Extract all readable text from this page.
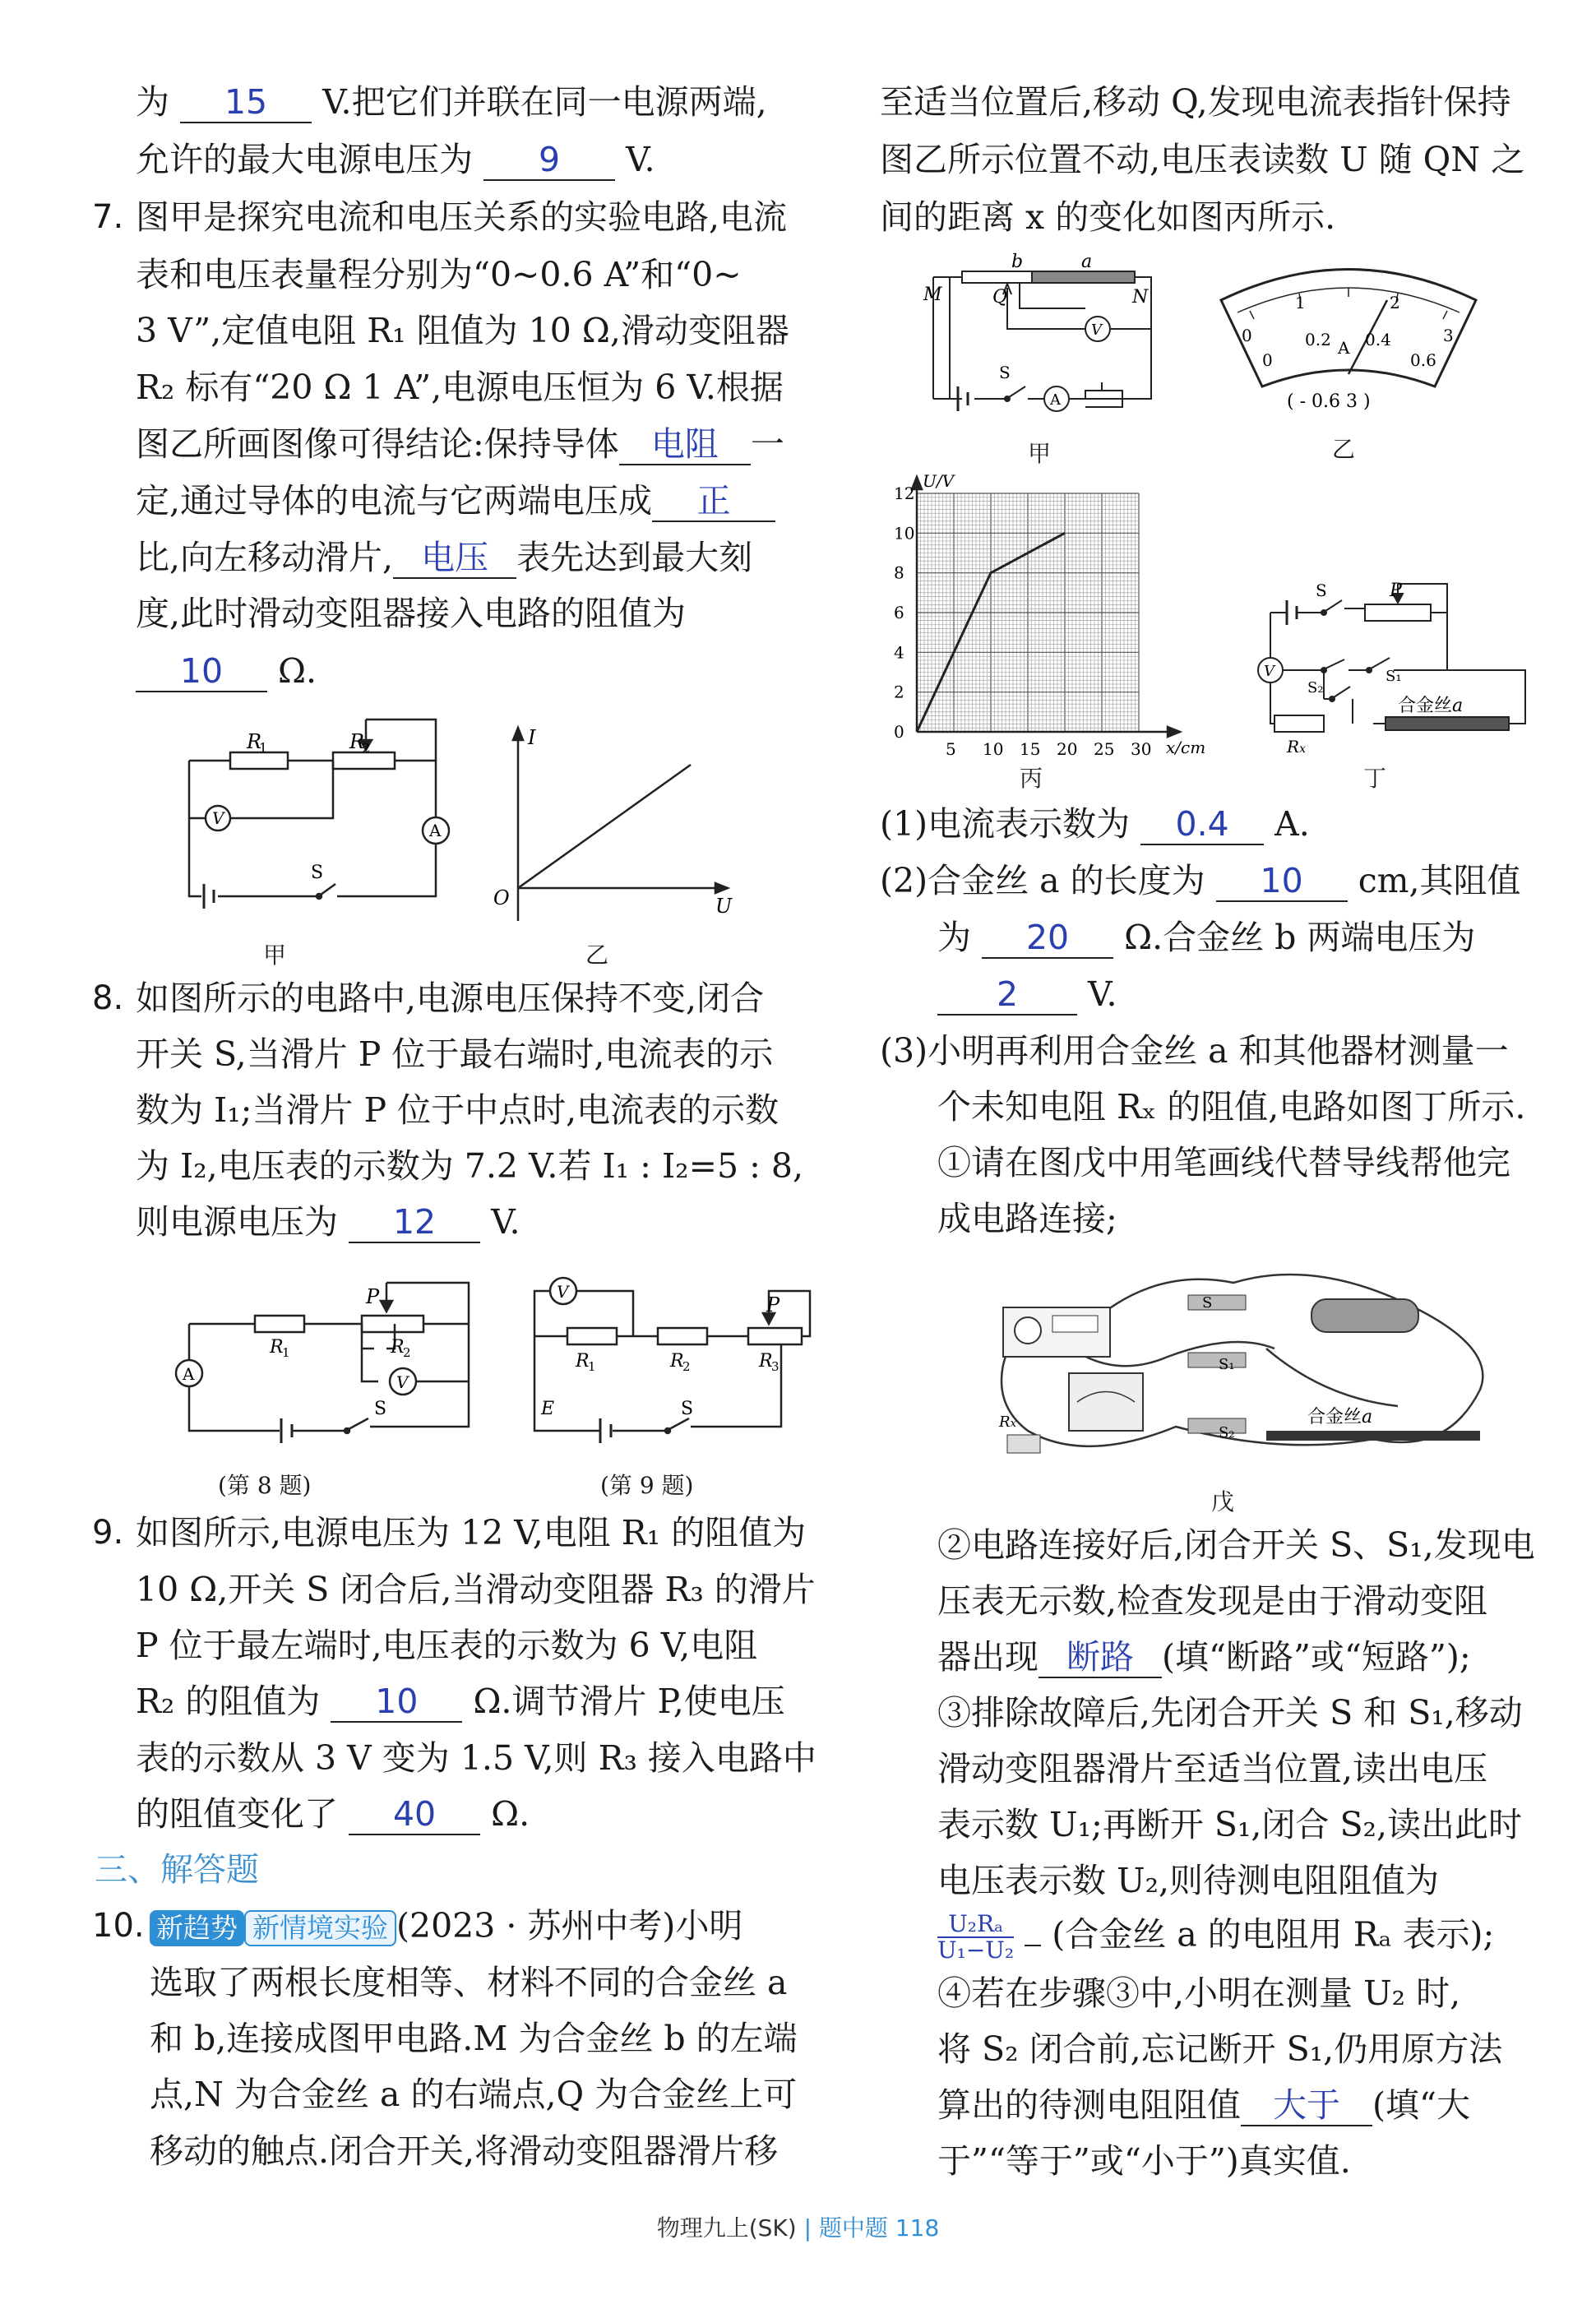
为 15 V.把它们并联在同一电源两端,
允许的最大电源电压为 9 V.
7. 图甲是探究电流和电压关系的实验电路,电流
表和电压表量程分别为“0~0.6 A”和“0~
3 V”,定值电阻 R₁ 阻值为 10 Ω,滑动变阻器
R₂ 标有“20 Ω 1 A”,电源电压恒为 6 V.根据
图乙所画图像可得结论:保持导体 电阻 一
定,通过导体的电流与它两端电压成 正
比,向左移动滑片, 电压 表先达到最大刻
度,此时滑动变阻器接入电路的阻值为
10 Ω.
V
A
R
1	R
2
S
甲
I
O	U
乙
8. 如图所示的电路中,电源电压保持不变,闭合
开关 S,当滑片 P 位于最右端时,电流表的示
数为 I₁;当滑片 P 位于中点时,电流表的示数
为 I₂,电压表的示数为 7.2 V.若 I₁ : I₂=5 : 8,
则电源电压为 12 V.
A	V
R
1	R
2
P
S
(第 8 题)
V
R
1	R
2	R
3
P
E	S
(第 9 题)
9. 如图所示,电源电压为 12 V,电阻 R₁ 的阻值为
10 Ω,开关 S 闭合后,当滑动变阻器 R₃ 的滑片
P 位于最左端时,电压表的示数为 6 V,电阻
R₂ 的阻值为 10 Ω.调节滑片 P,使电压
表的示数从 3 V 变为 1.5 V,则 R₃ 接入电路中
的阻值变化了 40 Ω.
三、解答题
10. 新趋势 新情境实验 (2023 · 苏州中考)小明
选取了两根长度相等、材料不同的合金丝 a
和 b,连接成图甲电路.M 为合金丝 b 的左端
点,N 为合金丝 a 的右端点,Q 为合金丝上可
移动的触点.闭合开关,将滑动变阻器滑片移
至适当位置后,移动 Q,发现电流表指针保持
图乙所示位置不动,电压表读数 U 随 QN 之
间的距离 x 的变化如图丙所示.
b	a
M	Q	N
V
A
S
甲
0
1	2
3
0
0.2 A 0.4
0.6
( - 0.6 3 )
乙
0
2
4
6
8
10
12
5 10 15 20 25 30
U/V
x/cm
丙
V
S	P
S₂
S₁
合金丝a
Rx
丁
(1)电流表示数为 0.4 A.
(2)合金丝 a 的长度为 10 cm,其阻值
为 20 Ω.合金丝 b 两端电压为
2 V.
(3)小明再利用合金丝 a 和其他器材测量一
个未知电阻 Rₓ 的阻值,电路如图丁所示.
①请在图戊中用笔画线代替导线帮他完
成电路连接;
S₁
S₂
S
合金丝a
Rx
戊
②电路连接好后,闭合开关 S、S₁,发现电
压表无示数,检查发现是由于滑动变阻
器出现 断路 (填“断路”或“短路”);
③排除故障后,先闭合开关 S 和 S₁,移动
滑动变阻器滑片至适当位置,读出电压
表示数 U₁;再断开 S₁,闭合 S₂,读出此时
电压表示数 U₂,则待测电阻阻值为
$\frac{\text{U₂Rₐ}}{\text{U₁−U₂}}$ (合金丝 a 的电阻用 Rₐ 表示);
④若在步骤③中,小明在测量 U₂ 时,
将 S₂ 闭合前,忘记断开 S₁,仍用原方法
算出的待测电阻阻值 大于 (填“大
于”“等于”或“小于”)真实值.
物理九上(SK) | 题中题 118
